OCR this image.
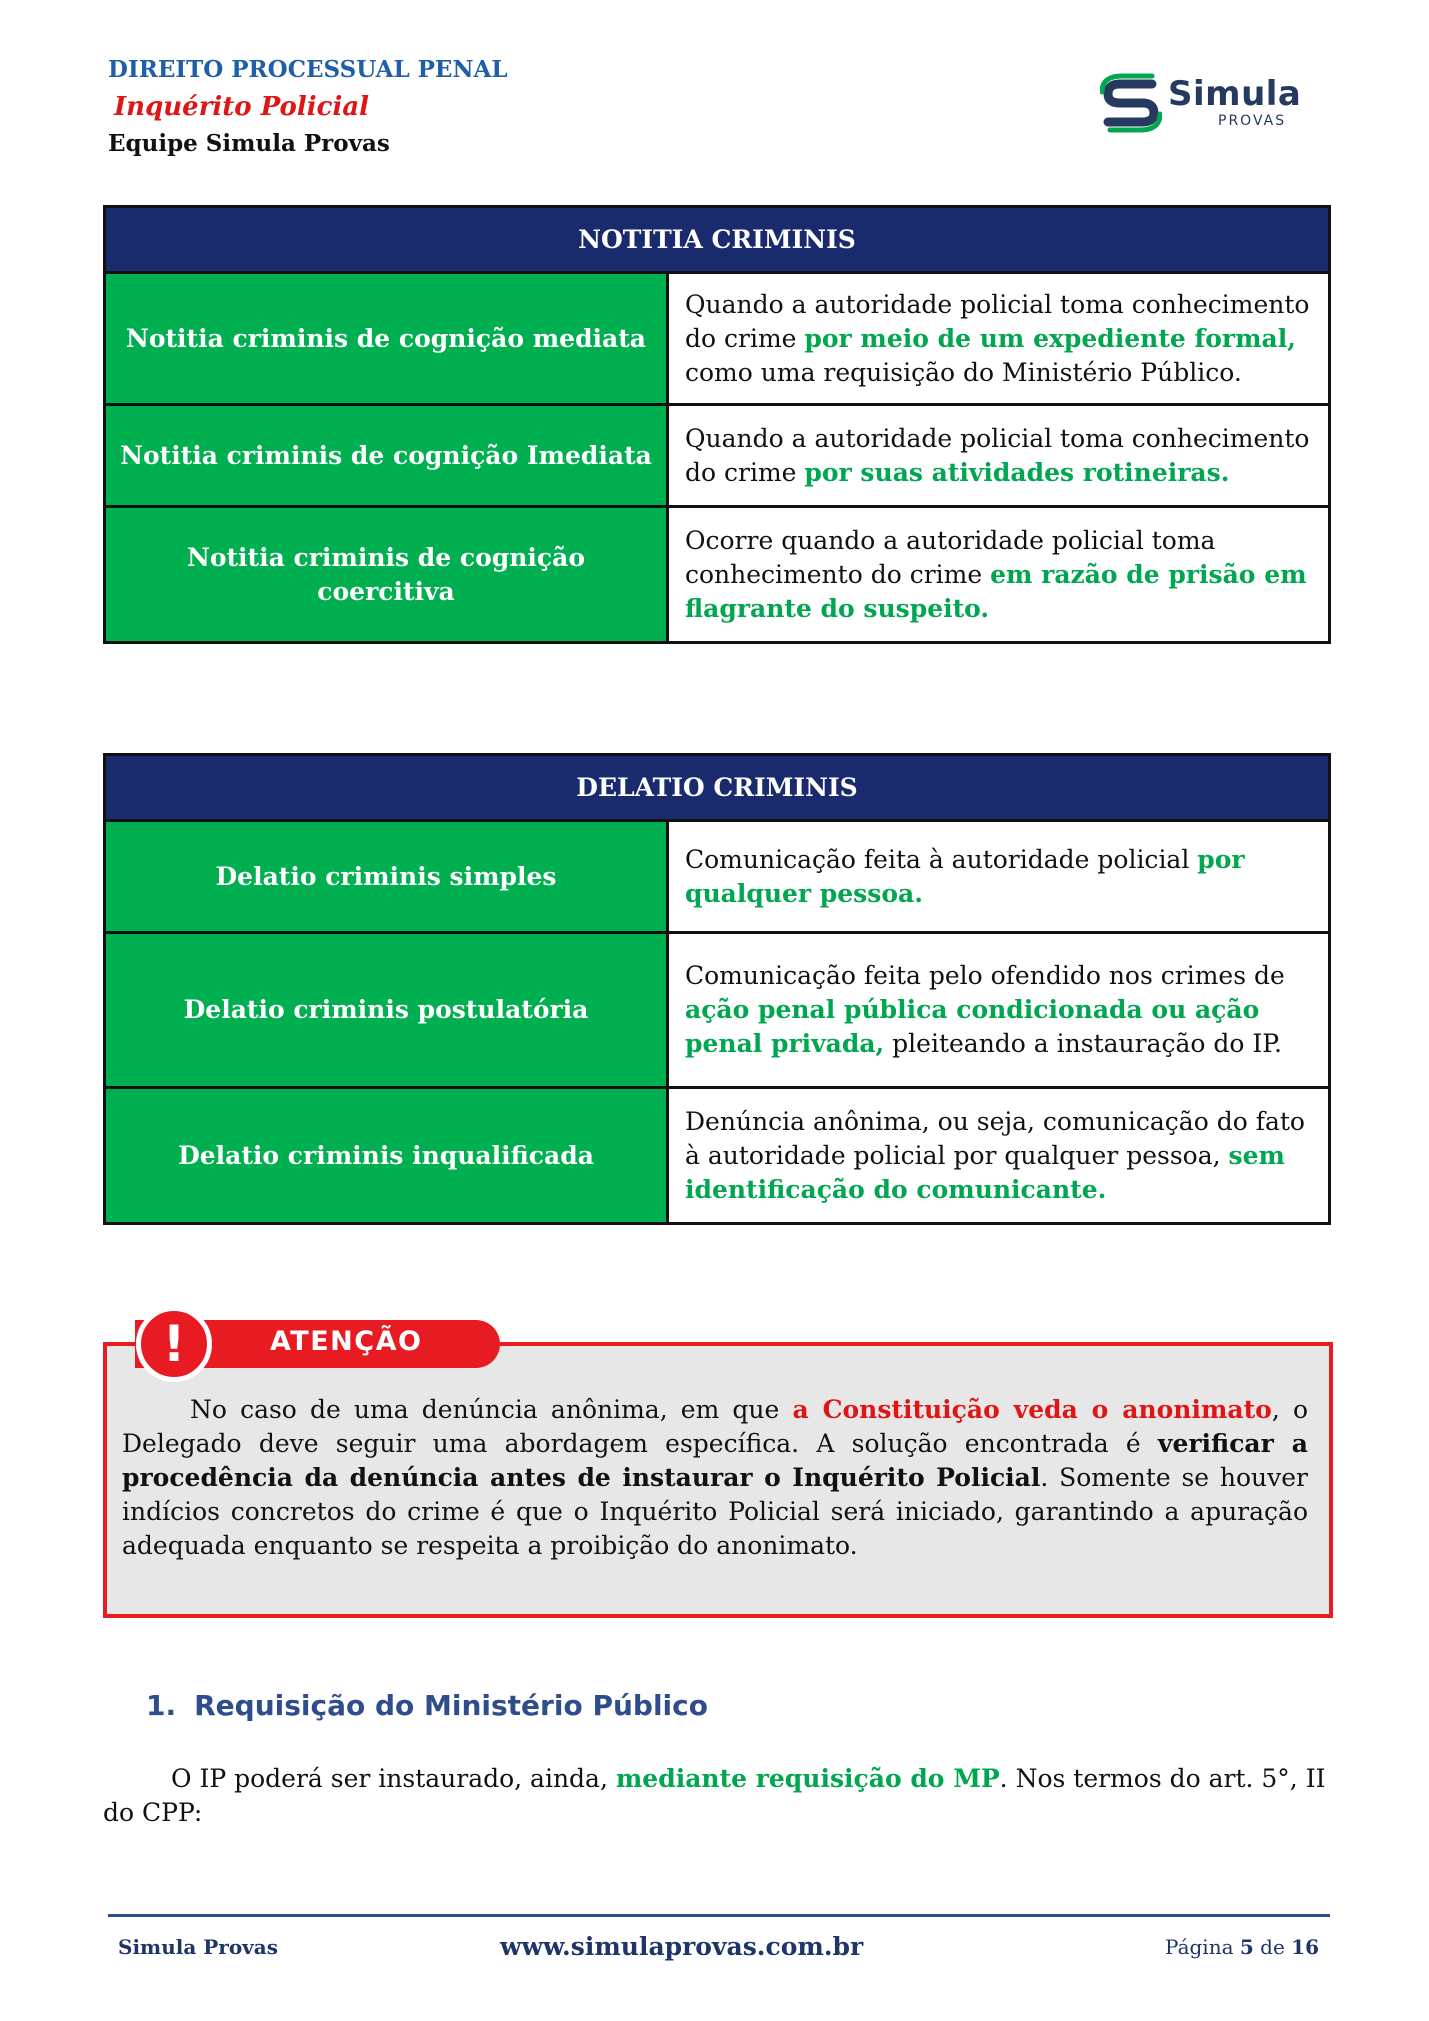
DIREITO PROCESSUAL PENAL
Inquérito Policial
Equipe Simula Provas
Simula
PROVAS
NOTITIA CRIMINIS	
Notitia criminis de cognição mediata	Quando a autoridade policial toma conhecimento do crime por meio de um expediente formal, como uma requisição do Ministério Público.
Notitia criminis de cognição Imediata	Quando a autoridade policial toma conhecimento do crime por suas atividades rotineiras.
Notitia criminis de cognição coercitiva	Ocorre quando a autoridade policial toma conhecimento do crime em razão de prisão em flagrante do suspeito.
DELATIO CRIMINIS	
Delatio criminis simples	Comunicação feita à autoridade policial por qualquer pessoa.
Delatio criminis postulatória	Comunicação feita pelo ofendido nos crimes de ação penal pública condicionada ou ação penal privada, pleiteando a instauração do IP.
Delatio criminis inqualificada	Denúncia anônima, ou seja, comunicação do fato à autoridade policial por qualquer pessoa, sem identificação do comunicante.
ATENÇÃO
!
No caso de uma denúncia anônima, em que a Constituição veda o anonimato, o Delegado deve seguir uma abordagem específica. A solução encontrada é verificar a procedência da denúncia antes de instaurar o Inquérito Policial. Somente se houver indícios concretos do crime é que o Inquérito Policial será iniciado, garantindo a apuração adequada enquanto se respeita a proibição do anonimato.
1. Requisição do Ministério Público
O IP poderá ser instaurado, ainda, mediante requisição do MP. Nos termos do art. 5°, II do CPP:
Simula Provas	www.simulaprovas.com.br	Página 5 de 16
